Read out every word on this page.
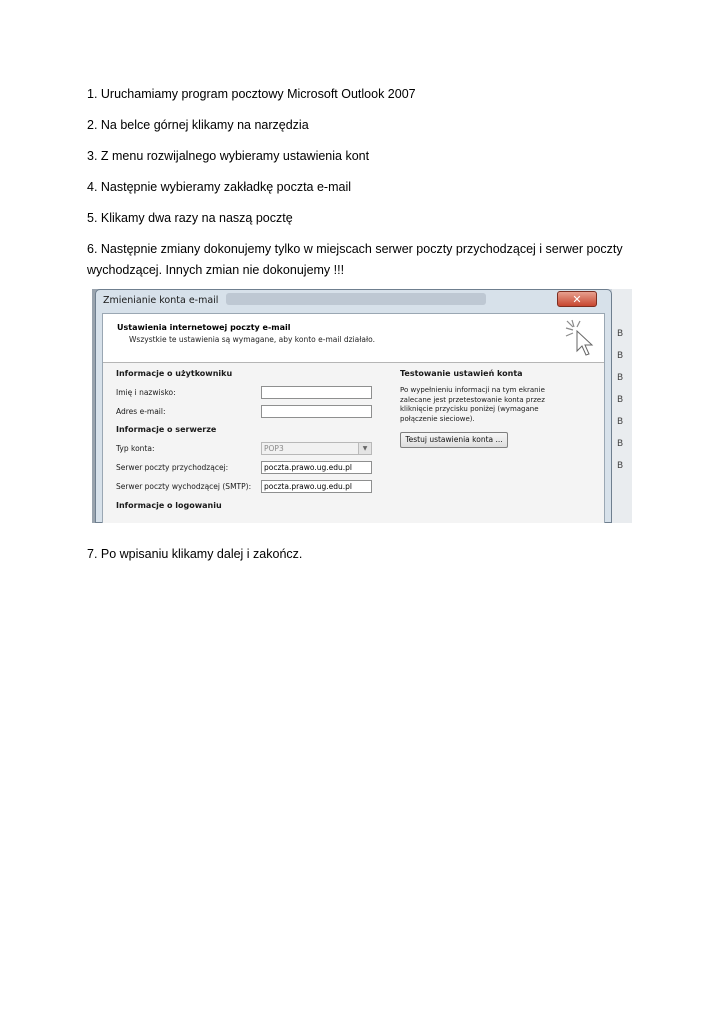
1. Uruchamiamy program pocztowy Microsoft Outlook 2007

2. Na belce górnej klikamy na narzędzia

3. Z menu rozwijalnego wybieramy ustawienia kont

4. Następnie wybieramy zakładkę poczta e-mail

5. Klikamy dwa razy na naszą pocztę

6. Następnie zmiany dokonujemy tylko w miejscach serwer poczty przychodzącej i serwer poczty wychodzącej. Innych zmian nie dokonujemy !!!

B
B
B
B
B
B
B
Zmienianie konta e-mail	✕
Ustawienia internetowej poczty e-mail
Wszystkie te ustawienia są wymagane, aby konto e-mail działało.
Informacje o użytkowniku
Imię i nazwisko:
Adres e-mail:
Informacje o serwerze
Typ konta:	POP3	▼
Serwer poczty przychodzącej:	poczta.prawo.ug.edu.pl
Serwer poczty wychodzącej (SMTP):	poczta.prawo.ug.edu.pl
Informacje o logowaniu
Testowanie ustawień konta
Po wypełnieniu informacji na tym ekranie zalecane jest przetestowanie konta przez kliknięcie przycisku poniżej (wymagane połączenie sieciowe).
Testuj ustawienia konta ...

7. Po wpisaniu klikamy dalej i zakończ.
